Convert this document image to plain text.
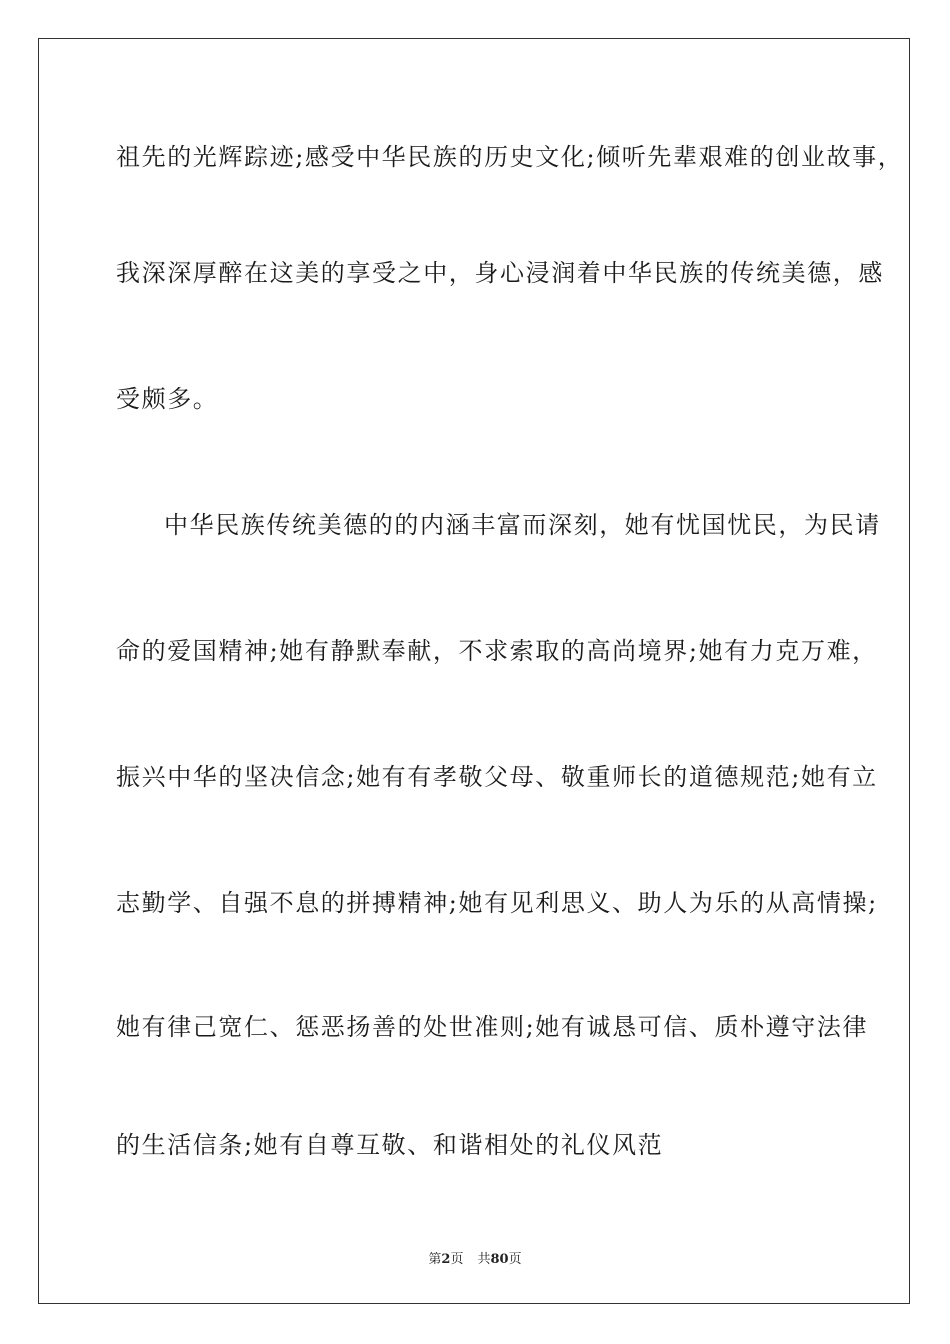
祖先的光辉踪迹;感受中华民族的历史文化;倾听先辈艰难的创业故事，
我深深厚醉在这美的享受之中，身心浸润着中华民族的传统美德，感
受颇多。
中华民族传统美德的的内涵丰富而深刻，她有忧国忧民，为民请
命的爱国精神;她有静默奉献，不求索取的高尚境界;她有力克万难，
振兴中华的坚决信念;她有有孝敬父母、敬重师长的道德规范;她有立
志勤学、自强不息的拼搏精神;她有见利思义、助人为乐的从高情操;
她有律己宽仁、惩恶扬善的处世准则;她有诚恳可信、质朴遵守法律
的生活信条;她有自尊互敬、和谐相处的礼仪风范
第2页 共80页
